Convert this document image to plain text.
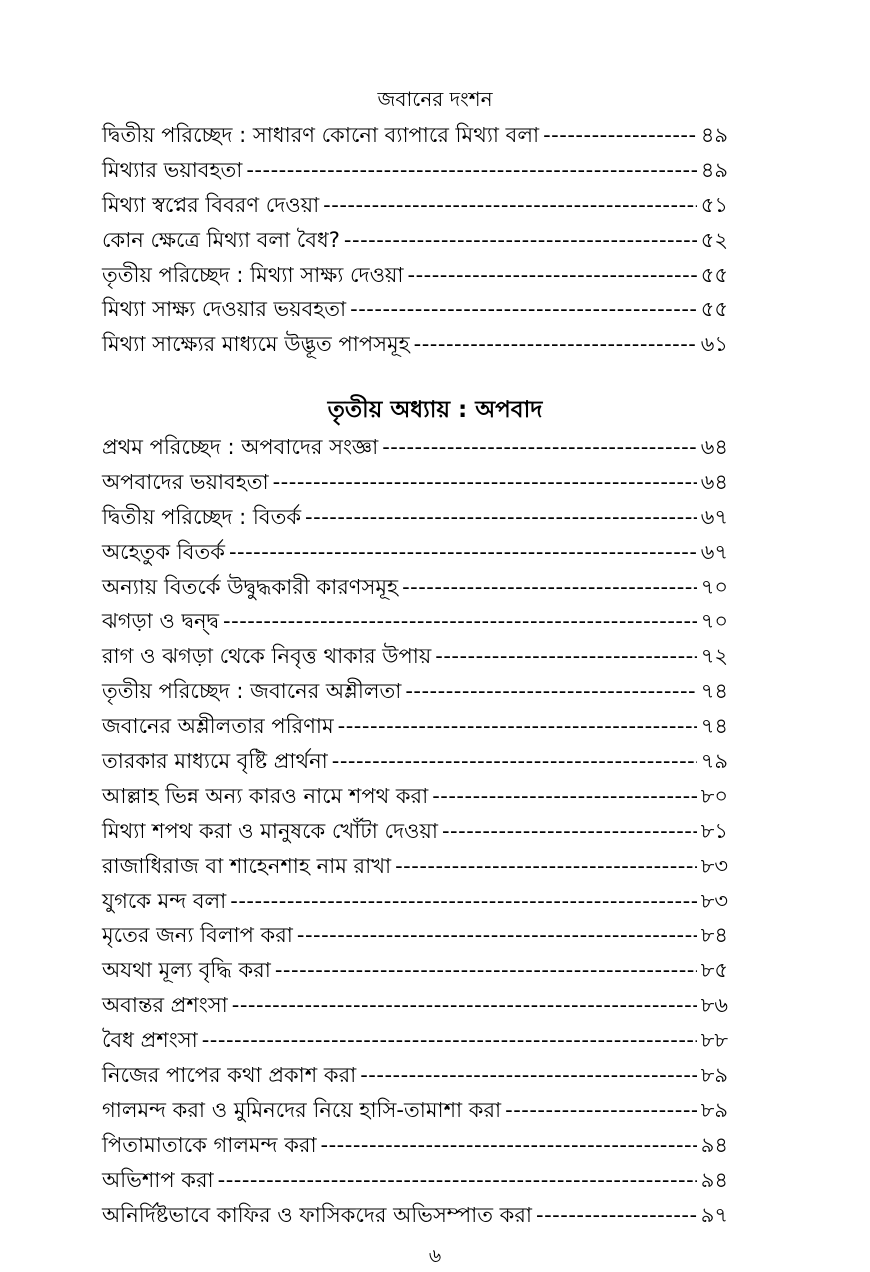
জবানের দংশন
দ্বিতীয় পরিচ্ছেদ : সাধারণ কোনো ব্যাপারে মিথ্যা বলা -----	৪৯
মিথ্যার ভয়াবহতা -----	৪৯
মিথ্যা স্বপ্নের বিবরণ দেওয়া -----	৫১
কোন ক্ষেত্রে মিথ্যা বলা বৈধ? -----	৫২
তৃতীয় পরিচ্ছেদ : মিথ্যা সাক্ষ্য দেওয়া -----	৫৫
মিথ্যা সাক্ষ্য দেওয়ার ভয়বহতা -----	৫৫
মিথ্যা সাক্ষ্যের মাধ্যমে উদ্ভূত পাপসমূহ -----	৬১
তৃতীয় অধ্যায় : অপবাদ
প্রথম পরিচ্ছেদ : অপবাদের সংজ্ঞা -----	৬৪
অপবাদের ভয়াবহতা -----	৬৪
দ্বিতীয় পরিচ্ছেদ : বিতর্ক -----	৬৭
অহেতুক বিতর্ক -----	৬৭
অন্যায় বিতর্কে উদ্বুদ্ধকারী কারণসমূহ -----	৭০
ঝগড়া ও দ্বন্দ্ব -----	৭০
রাগ ও ঝগড়া থেকে নিবৃত্ত থাকার উপায় -----	৭২
তৃতীয় পরিচ্ছেদ : জবানের অশ্লীলতা -----	৭৪
জবানের অশ্লীলতার পরিণাম -----	৭৪
তারকার মাধ্যমে বৃষ্টি প্রার্থনা -----	৭৯
আল্লাহ ভিন্ন অন্য কারও নামে শপথ করা -----	৮০
মিথ্যা শপথ করা ও মানুষকে খোঁটা দেওয়া -----	৮১
রাজাধিরাজ বা শাহেনশাহ নাম রাখা -----	৮৩
যুগকে মন্দ বলা -----	৮৩
মৃতের জন্য বিলাপ করা -----	৮৪
অযথা মূল্য বৃদ্ধি করা -----	৮৫
অবান্তর প্রশংসা -----	৮৬
বৈধ প্রশংসা -----	৮৮
নিজের পাপের কথা প্রকাশ করা -----	৮৯
গালমন্দ করা ও মুমিনদের নিয়ে হাসি-তামাশা করা -----	৮৯
পিতামাতাকে গালমন্দ করা -----	৯৪
অভিশাপ করা -----	৯৪
অনির্দিষ্টভাবে কাফির ও ফাসিকদের অভিসম্পাত করা -----	৯৭
৬
